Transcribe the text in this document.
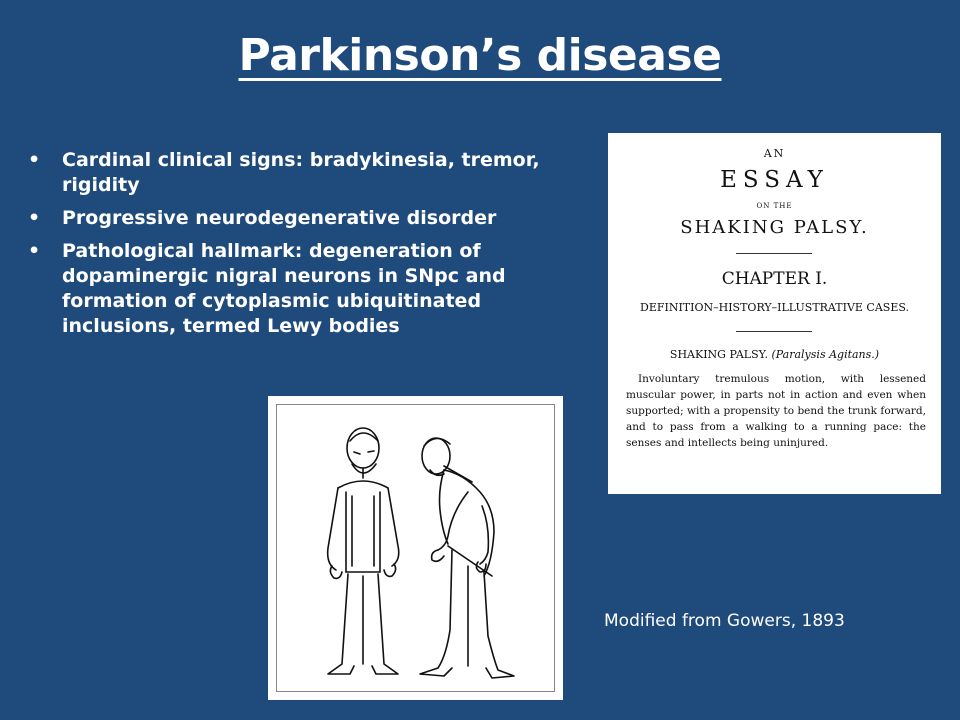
Parkinson’s disease
• Cardinal clinical signs: bradykinesia, tremor, rigidity
• Progressive neurodegenerative disorder
• Pathological hallmark: degeneration of dopaminergic nigral neurons in SNpc and formation of cytoplasmic ubiquitinated inclusions, termed Lewy bodies
AN
ESSAY
ON THE
SHAKING PALSY.
CHAPTER I.
DEFINITION–HISTORY–ILLUSTRATIVE CASES.
SHAKING PALSY. (Paralysis Agitans.)
Involuntary tremulous motion, with lessened muscular power, in parts not in action and even when supported; with a propensity to bend the trunk forward, and to pass from a walking to a running pace: the senses and intellects being uninjured.
Modified from Gowers, 1893
